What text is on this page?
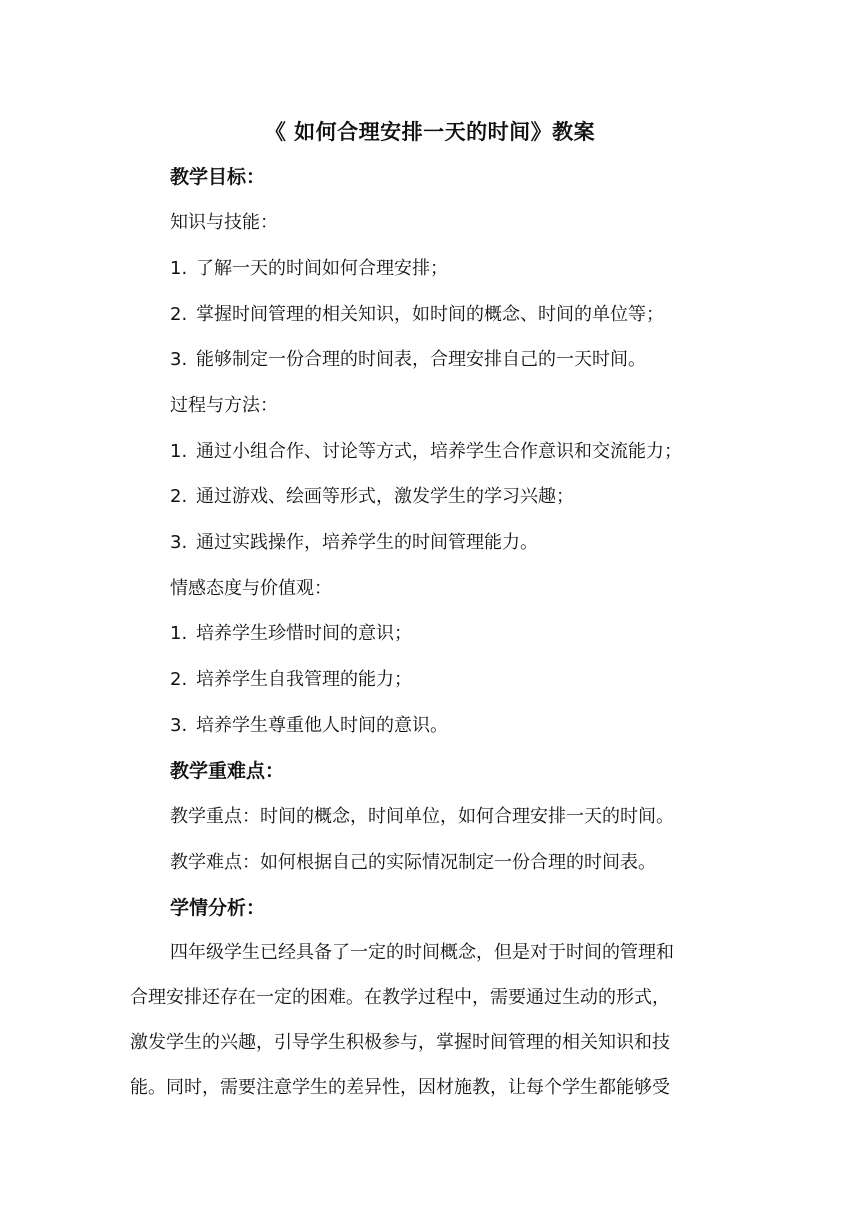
《 如何合理安排一天的时间》教案
教学目标：
知识与技能：
1. 了解一天的时间如何合理安排；
2. 掌握时间管理的相关知识，如时间的概念、时间的单位等；
3. 能够制定一份合理的时间表，合理安排自己的一天时间。
过程与方法：
1. 通过小组合作、讨论等方式，培养学生合作意识和交流能力；
2. 通过游戏、绘画等形式，激发学生的学习兴趣；
3. 通过实践操作，培养学生的时间管理能力。
情感态度与价值观：
1. 培养学生珍惜时间的意识；
2. 培养学生自我管理的能力；
3. 培养学生尊重他人时间的意识。
教学重难点：
教学重点：时间的概念，时间单位，如何合理安排一天的时间。
教学难点：如何根据自己的实际情况制定一份合理的时间表。
学情分析：
四年级学生已经具备了一定的时间概念，但是对于时间的管理和
合理安排还存在一定的困难。在教学过程中，需要通过生动的形式，
激发学生的兴趣，引导学生积极参与，掌握时间管理的相关知识和技
能。同时，需要注意学生的差异性，因材施教，让每个学生都能够受
